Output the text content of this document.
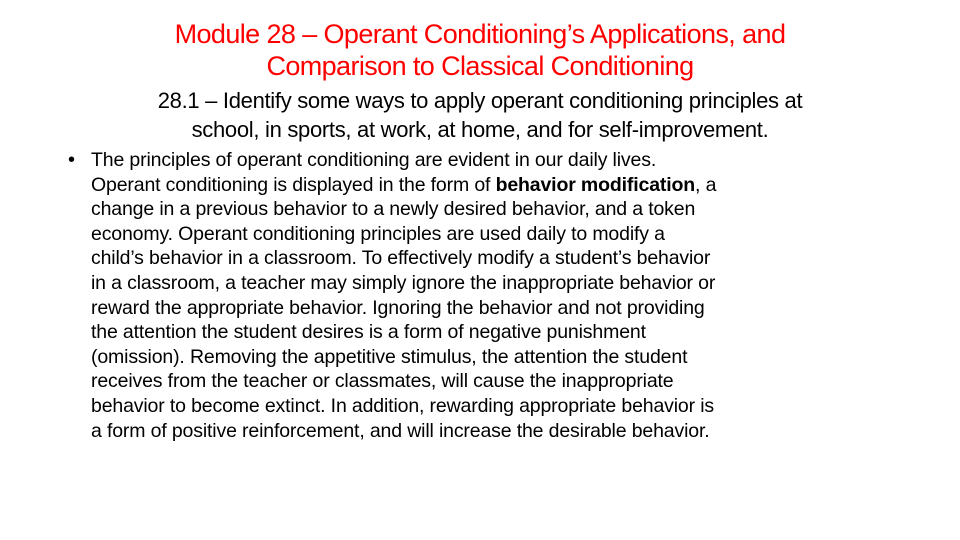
Module 28 – Operant Conditioning’s Applications, and
Comparison to Classical Conditioning
28.1 – Identify some ways to apply operant conditioning principles at
school, in sports, at work, at home, and for self-improvement.
• The principles of operant conditioning are evident in our daily lives.
Operant conditioning is displayed in the form of behavior modification, a
change in a previous behavior to a newly desired behavior, and a token
economy. Operant conditioning principles are used daily to modify a
child’s behavior in a classroom. To effectively modify a student’s behavior
in a classroom, a teacher may simply ignore the inappropriate behavior or
reward the appropriate behavior. Ignoring the behavior and not providing
the attention the student desires is a form of negative punishment
(omission). Removing the appetitive stimulus, the attention the student
receives from the teacher or classmates, will cause the inappropriate
behavior to become extinct. In addition, rewarding appropriate behavior is
a form of positive reinforcement, and will increase the desirable behavior.
